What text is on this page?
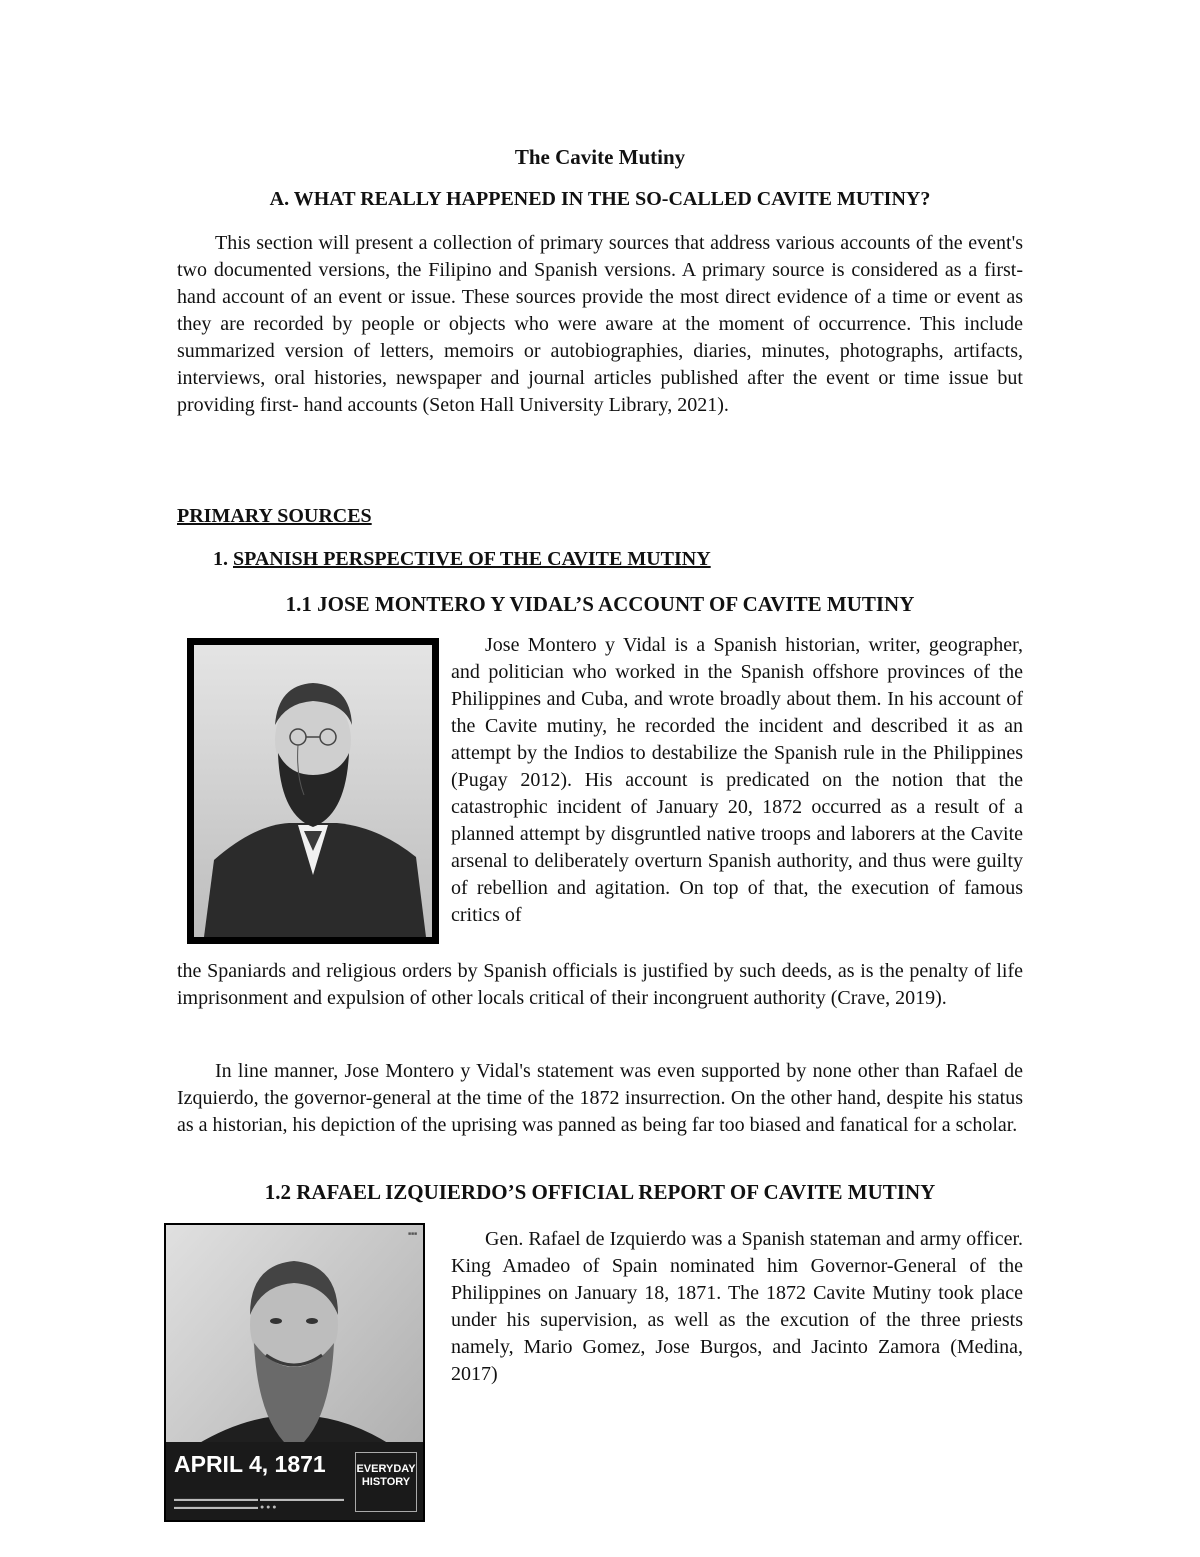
The Cavite Mutiny
A. WHAT REALLY HAPPENED IN THE SO-CALLED CAVITE MUTINY?
This section will present a collection of primary sources that address various accounts of the event's two documented versions, the Filipino and Spanish versions. A primary source is considered as a first-hand account of an event or issue. These sources provide the most direct evidence of a time or event as they are recorded by people or objects who were aware at the moment of occurrence. This include summarized version of letters, memoirs or autobiographies, diaries, minutes, photographs, artifacts, interviews, oral histories, newspaper and journal articles published after the event or time issue but providing first- hand accounts (Seton Hall University Library, 2021).
PRIMARY SOURCES
1. SPANISH PERSPECTIVE OF THE CAVITE MUTINY
1.1 JOSE MONTERO Y VIDAL’S ACCOUNT OF CAVITE MUTINY
Jose Montero y Vidal is a Spanish historian, writer, geographer, and politician who worked in the Spanish offshore provinces of the Philippines and Cuba, and wrote broadly about them. In his account of the Cavite mutiny, he recorded the incident and described it as an attempt by the Indios to destabilize the Spanish rule in the Philippines (Pugay 2012). His account is predicated on the notion that the catastrophic incident of January 20, 1872 occurred as a result of a planned attempt by disgruntled native troops and laborers at the Cavite arsenal to deliberately overturn Spanish authority, and thus were guilty of rebellion and agitation. On top of that, the execution of famous critics of
the Spaniards and religious orders by Spanish officials is justified by such deeds, as is the penalty of life imprisonment and expulsion of other locals critical of their incongruent authority (Crave, 2019).
In line manner, Jose Montero y Vidal's statement was even supported by none other than Rafael de Izquierdo, the governor-general at the time of the 1872 insurrection. On the other hand, despite his status as a historian, his depiction of the uprising was panned as being far too biased and fanatical for a scholar.
1.2 RAFAEL IZQUIERDO’S OFFICIAL REPORT OF CAVITE MUTINY
■■■
APRIL 4, 1871
▬▬▬▬▬▬▬▬▬▬▬▬ ▬▬▬▬▬▬▬▬▬▬▬▬ ▬▬▬▬▬▬▬▬▬▬▬▬ ● ● ●
EVERYDAY HISTORY
Gen. Rafael de Izquierdo was a Spanish stateman and army officer. King Amadeo of Spain nominated him Governor-General of the Philippines on January 18, 1871. The 1872 Cavite Mutiny took place under his supervision, as well as the excution of the three priests namely, Mario Gomez, Jose Burgos, and Jacinto Zamora (Medina, 2017)
